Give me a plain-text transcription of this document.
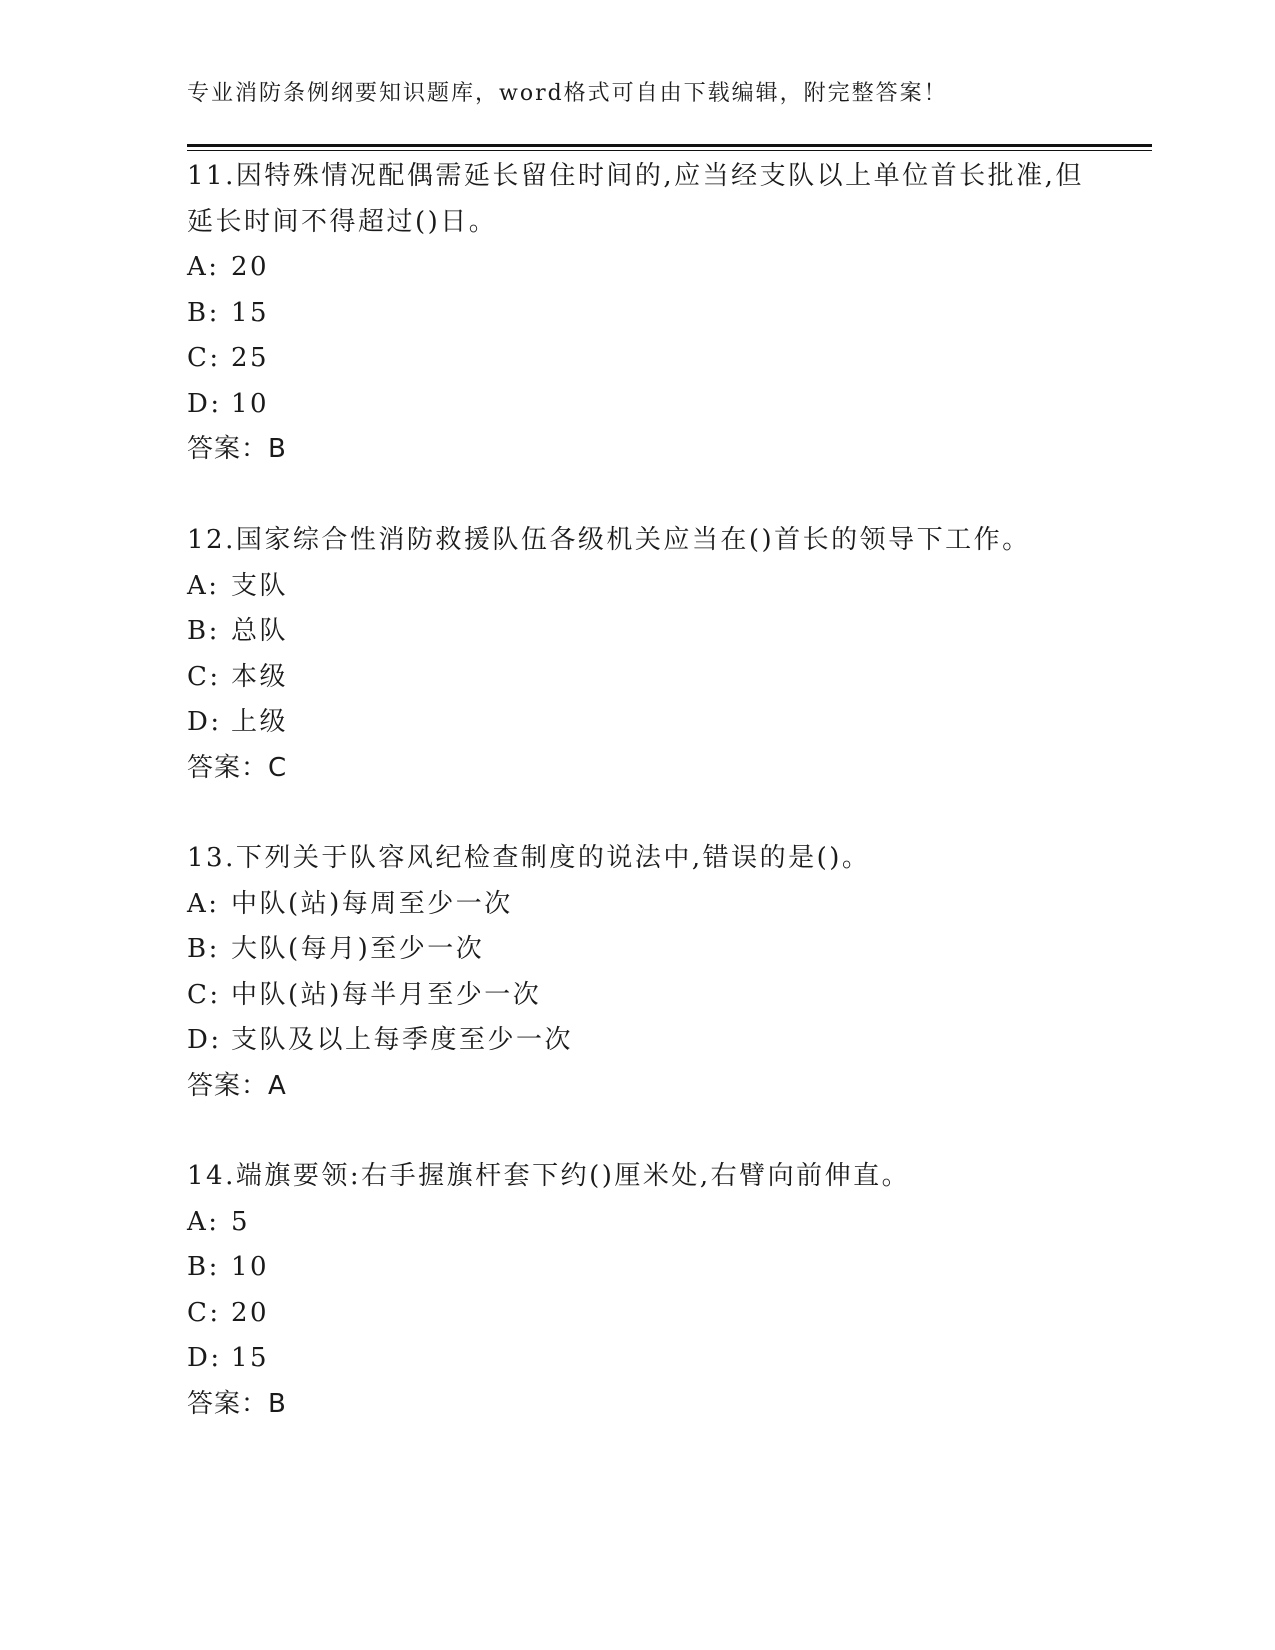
专业消防条例纲要知识题库，word格式可自由下载编辑，附完整答案！

11.因特殊情况配偶需延长留住时间的,应当经支队以上单位首长批准,但延长时间不得超过()日。

A: 20
B: 15
C: 25
D: 10
答案：B

12.国家综合性消防救援队伍各级机关应当在()首长的领导下工作。

A: 支队
B: 总队
C: 本级
D: 上级
答案：C

13.下列关于队容风纪检查制度的说法中,错误的是()。

A: 中队(站)每周至少一次
B: 大队(每月)至少一次
C: 中队(站)每半月至少一次
D: 支队及以上每季度至少一次
答案：A

14.端旗要领:右手握旗杆套下约()厘米处,右臂向前伸直。

A: 5
B: 10
C: 20
D: 15
答案：B
